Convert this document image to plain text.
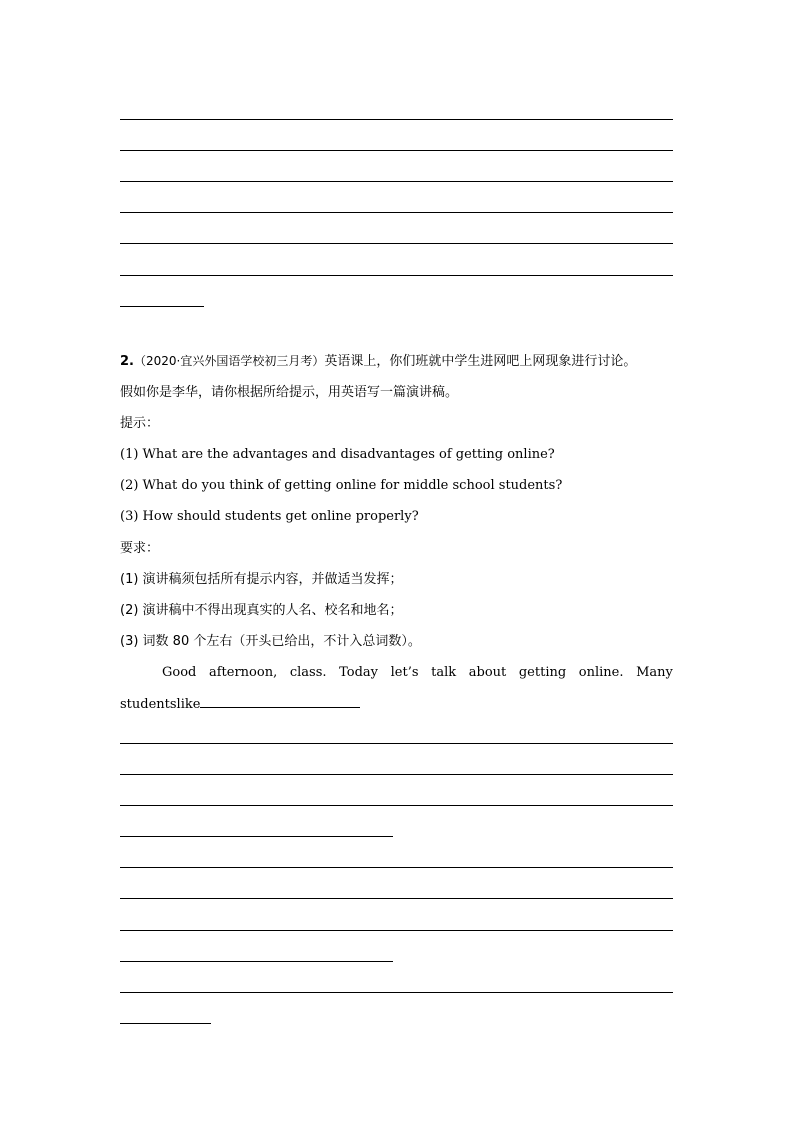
2.（2020·宜兴外国语学校初三月考）英语课上，你们班就中学生进网吧上网现象进行讨论。
假如你是李华，请你根据所给提示，用英语写一篇演讲稿。
提示：
(1) What are the advantages and disadvantages of getting online?
(2) What do you think of getting online for middle school students?
(3) How should students get online properly?
要求：
(1) 演讲稿须包括所有提示内容，并做适当发挥；
(2) 演讲稿中不得出现真实的人名、校名和地名；
(3) 词数 80 个左右（开头已给出，不计入总词数）。
Good afternoon, class. Today let’s talk about getting online. Many
studentslike
